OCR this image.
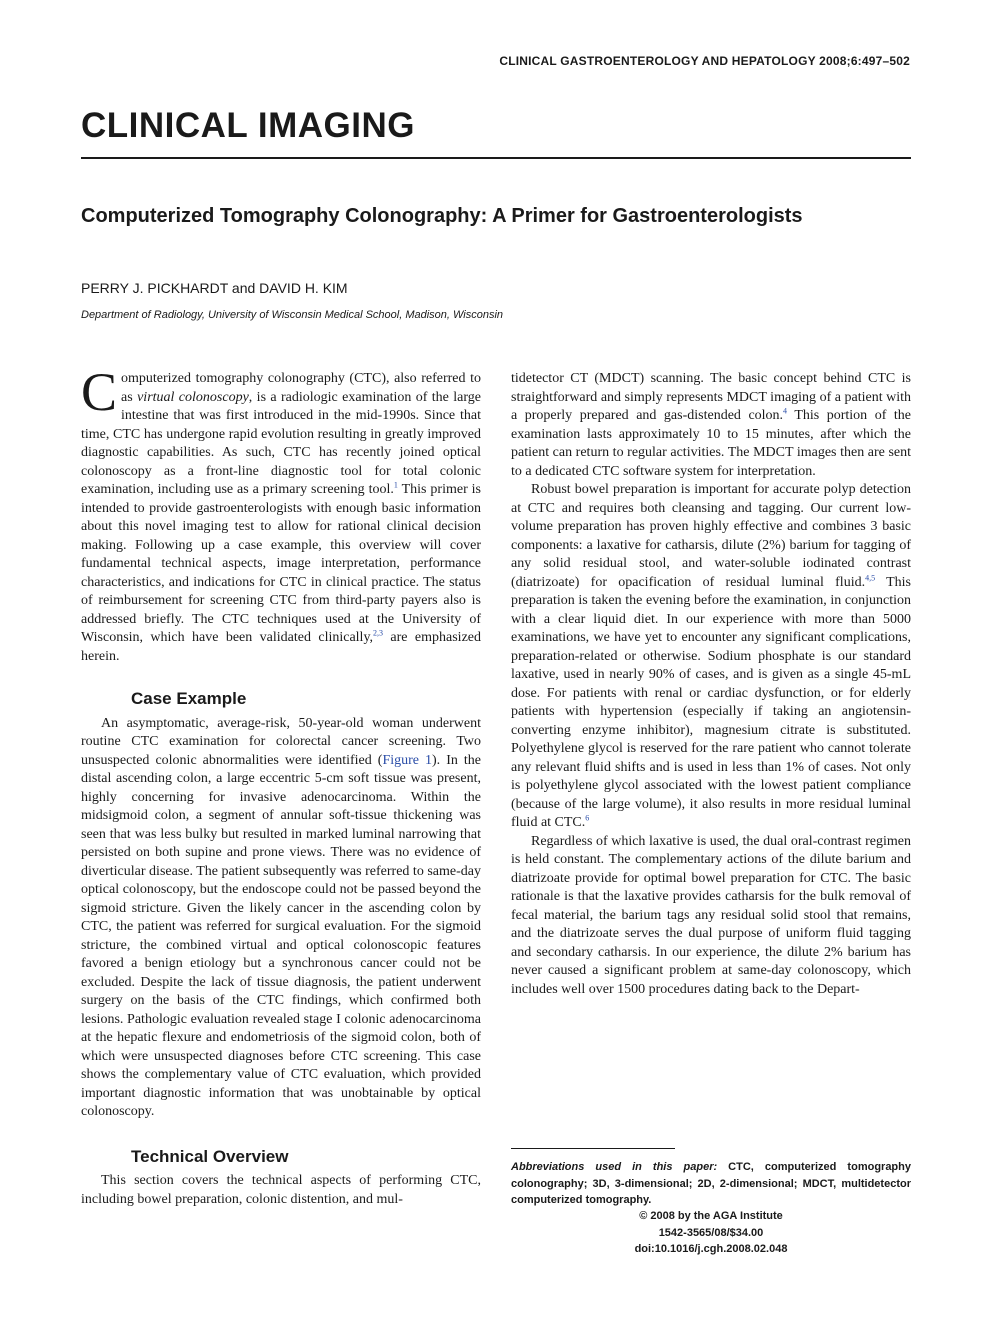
CLINICAL GASTROENTEROLOGY AND HEPATOLOGY 2008;6:497–502
CLINICAL IMAGING
Computerized Tomography Colonography: A Primer for Gastroenterologists
PERRY J. PICKHARDT and DAVID H. KIM
Department of Radiology, University of Wisconsin Medical School, Madison, Wisconsin

Computerized tomography colonography (CTC), also referred to as virtual colonoscopy, is a radiologic examination of the large intestine that was first introduced in the mid-1990s. Since that time, CTC has undergone rapid evolution resulting in greatly improved diagnostic capabilities. As such, CTC has recently joined optical colonoscopy as a front-line diagnostic tool for total colonic examination, including use as a primary screening tool.$^1$ This primer is intended to provide gastroenterologists with enough basic information about this novel imaging test to allow for rational clinical decision making. Following up a case example, this overview will cover fundamental technical aspects, image interpretation, performance characteristics, and indications for CTC in clinical practice. The status of reimbursement for screening CTC from third-party payers also is addressed briefly. The CTC techniques used at the University of Wisconsin, which have been validated clinically,$^{2,3}$ are emphasized herein.

Case Example

An asymptomatic, average-risk, 50-year-old woman underwent routine CTC examination for colorectal cancer screening. Two unsuspected colonic abnormalities were identified (Figure 1). In the distal ascending colon, a large eccentric 5-cm soft tissue was present, highly concerning for invasive adenocarcinoma. Within the midsigmoid colon, a segment of annular soft-tissue thickening was seen that was less bulky but resulted in marked luminal narrowing that persisted on both supine and prone views. There was no evidence of diverticular disease. The patient subsequently was referred to same-day optical colonoscopy, but the endoscope could not be passed beyond the sigmoid stricture. Given the likely cancer in the ascending colon by CTC, the patient was referred for surgical evaluation. For the sigmoid stricture, the combined virtual and optical colonoscopic features favored a benign etiology but a synchronous cancer could not be excluded. Despite the lack of tissue diagnosis, the patient underwent surgery on the basis of the CTC findings, which confirmed both lesions. Pathologic evaluation revealed stage I colonic adenocarcinoma at the hepatic flexure and endometriosis of the sigmoid colon, both of which were unsuspected diagnoses before CTC screening. This case shows the complementary value of CTC evaluation, which provided important diagnostic information that was unobtainable by optical colonoscopy.

Technical Overview

This section covers the technical aspects of performing CTC, including bowel preparation, colonic distention, and mul-

tidetector CT (MDCT) scanning. The basic concept behind CTC is straightforward and simply represents MDCT imaging of a patient with a properly prepared and gas-distended colon.$^4$ This portion of the examination lasts approximately 10 to 15 minutes, after which the patient can return to regular activities. The MDCT images then are sent to a dedicated CTC software system for interpretation.

Robust bowel preparation is important for accurate polyp detection at CTC and requires both cleansing and tagging. Our current low-volume preparation has proven highly effective and combines 3 basic components: a laxative for catharsis, dilute (2%) barium for tagging of any solid residual stool, and water-soluble iodinated contrast (diatrizoate) for opacification of residual luminal fluid.$^{4,5}$ This preparation is taken the evening before the examination, in conjunction with a clear liquid diet. In our experience with more than 5000 examinations, we have yet to encounter any significant complications, preparation-related or otherwise. Sodium phosphate is our standard laxative, used in nearly 90% of cases, and is given as a single 45-mL dose. For patients with renal or cardiac dysfunction, or for elderly patients with hypertension (especially if taking an angiotensin-converting enzyme inhibitor), magnesium citrate is substituted. Polyethylene glycol is reserved for the rare patient who cannot tolerate any relevant fluid shifts and is used in less than 1% of cases. Not only is polyethylene glycol associated with the lowest patient compliance (because of the large volume), it also results in more residual luminal fluid at CTC.$^6$

Regardless of which laxative is used, the dual oral-contrast regimen is held constant. The complementary actions of the dilute barium and diatrizoate provide for optimal bowel preparation for CTC. The basic rationale is that the laxative provides catharsis for the bulk removal of fecal material, the barium tags any residual solid stool that remains, and the diatrizoate serves the dual purpose of uniform fluid tagging and secondary catharsis. In our experience, the dilute 2% barium has never caused a significant problem at same-day colonoscopy, which includes well over 1500 procedures dating back to the Depart-

Abbreviations used in this paper: CTC, computerized tomography colonography; 3D, 3-dimensional; 2D, 2-dimensional; MDCT, multidetector computerized tomography.
© 2008 by the AGA Institute
1542-3565/08/$34.00
doi:10.1016/j.cgh.2008.02.048
